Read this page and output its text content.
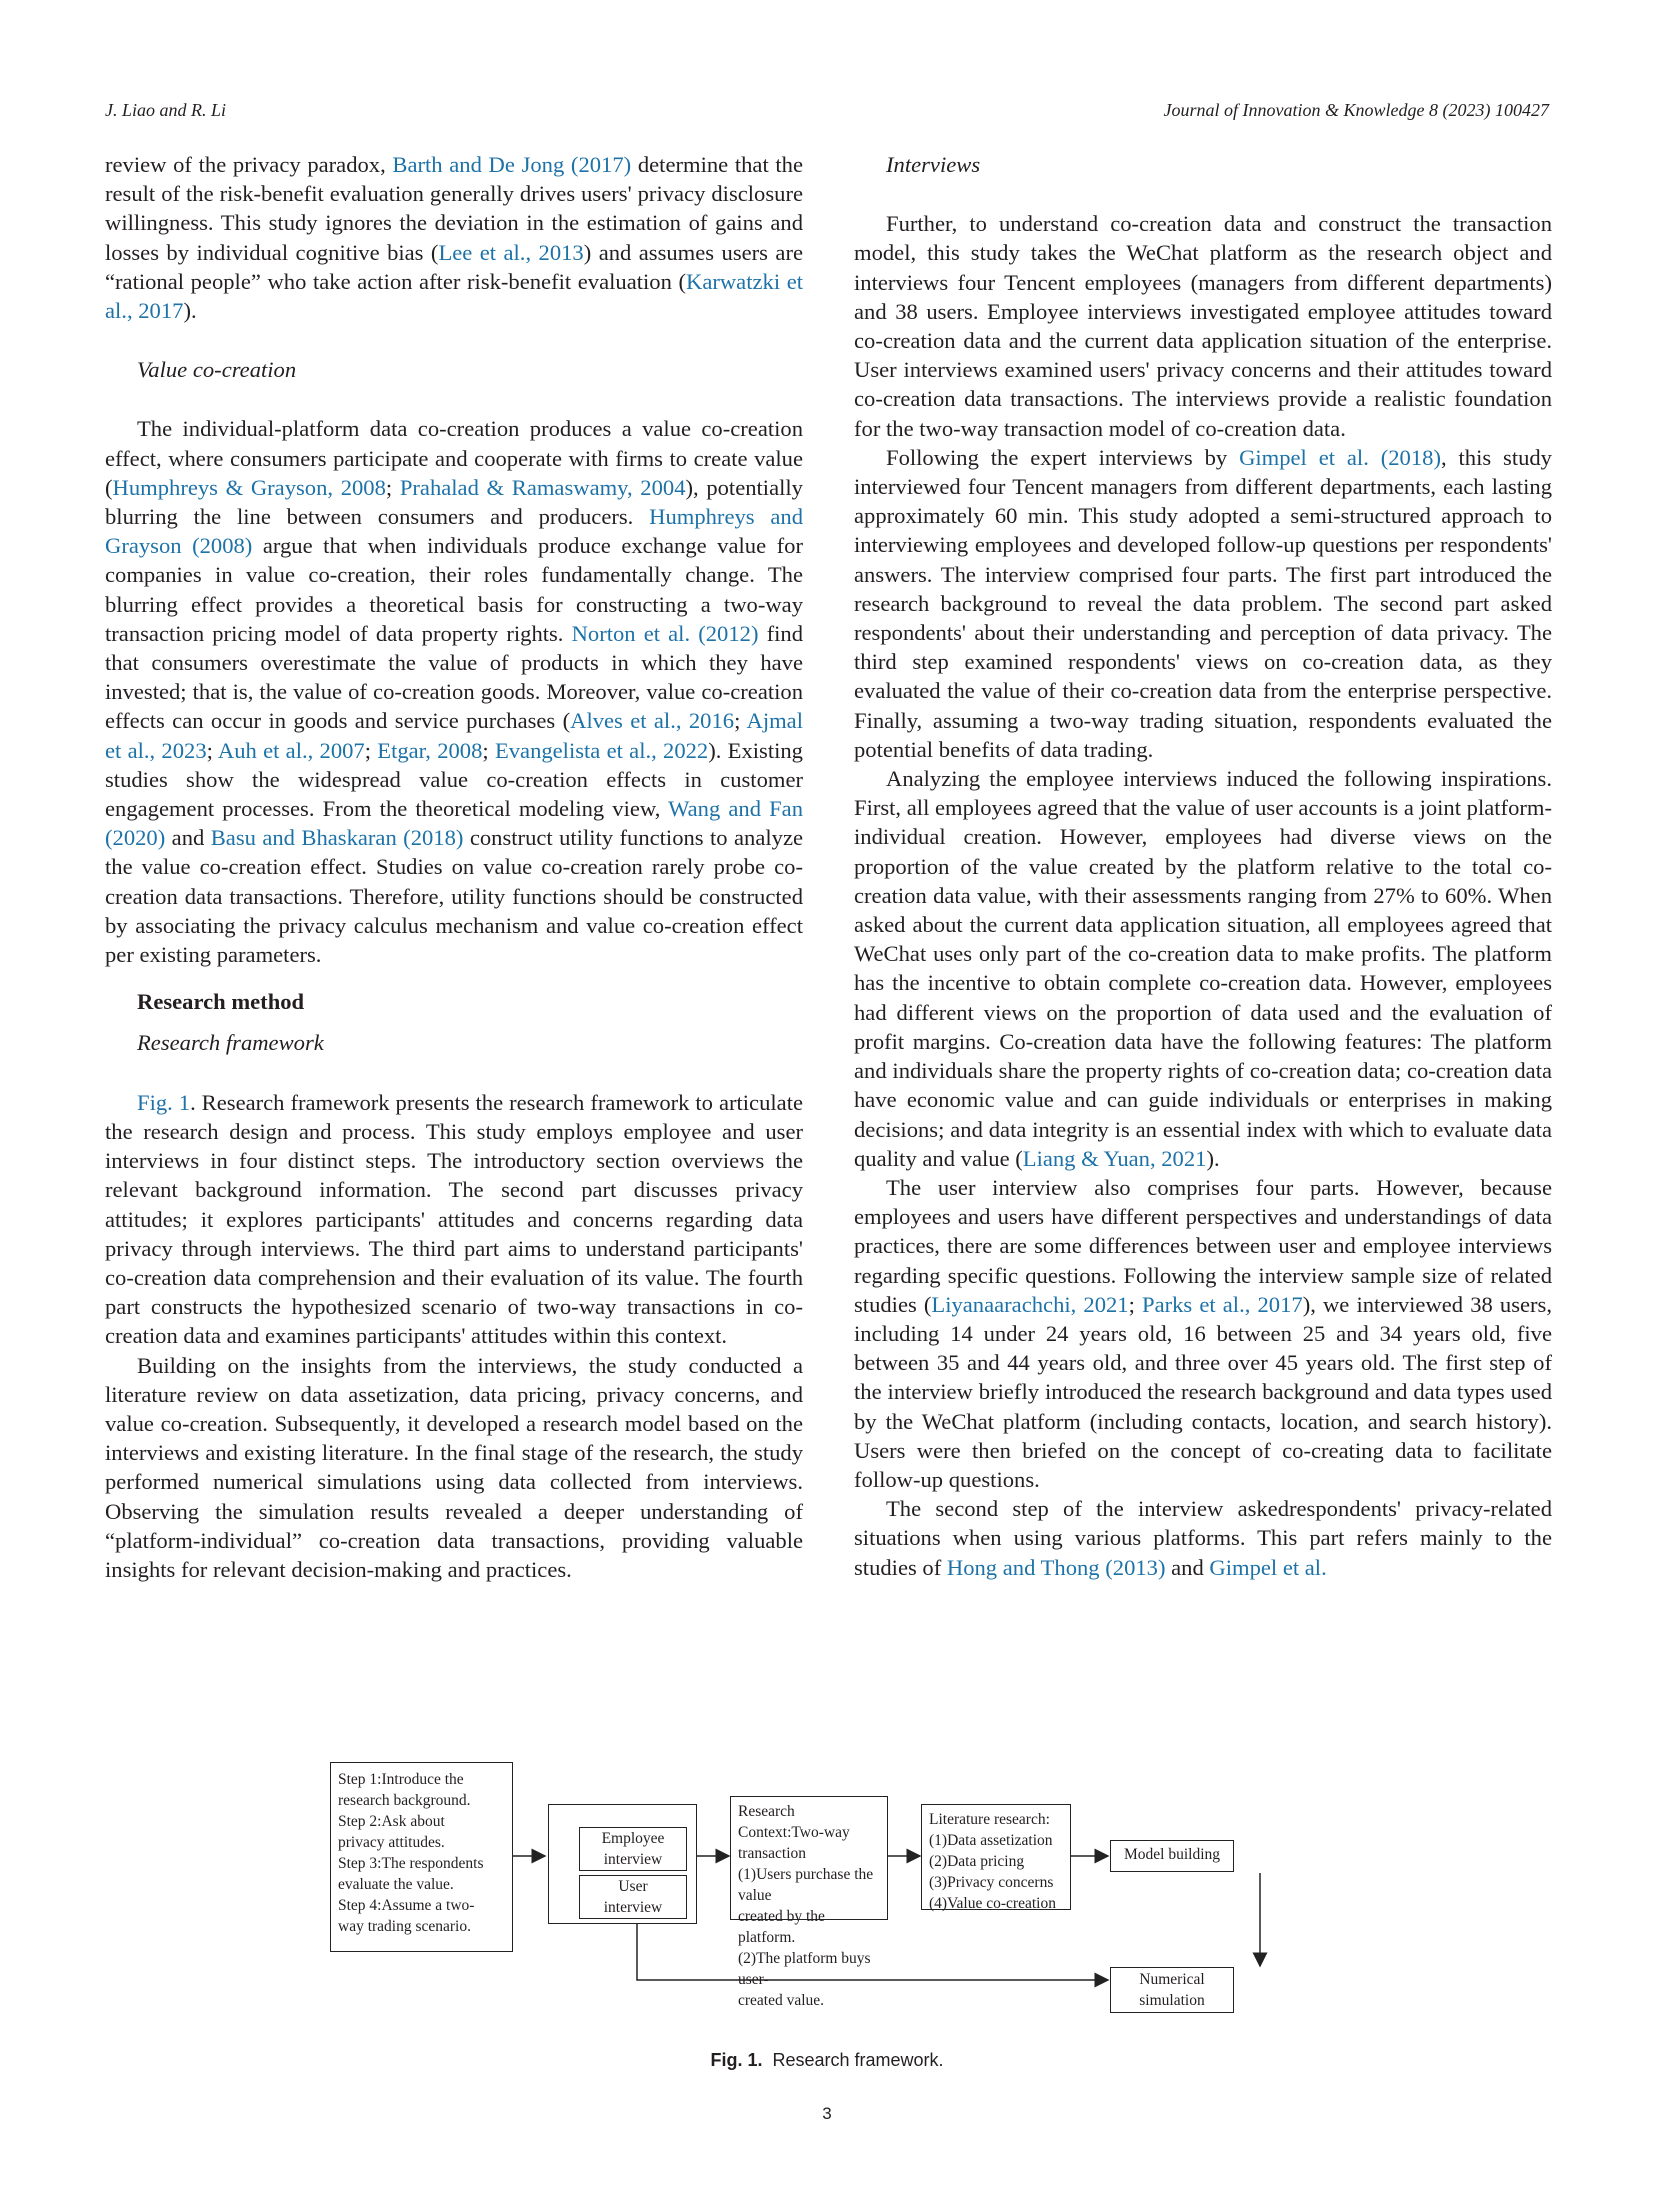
J. Liao and R. Li	Journal of Innovation & Knowledge 8 (2023) 100427

review of the privacy paradox, Barth and De Jong (2017) determine that the result of the risk-benefit evaluation generally drives users' privacy disclosure willingness. This study ignores the deviation in the estimation of gains and losses by individual cognitive bias (Lee et al., 2013) and assumes users are “rational people” who take action after risk-benefit evaluation (Karwatzki et al., 2017).

Value co-creation

The individual-platform data co-creation produces a value co-creation effect, where consumers participate and cooperate with firms to create value (Humphreys & Grayson, 2008; Prahalad & Ramaswamy, 2004), potentially blurring the line between consumers and producers. Humphreys and Grayson (2008) argue that when individuals produce exchange value for companies in value co-creation, their roles fundamentally change. The blurring effect provides a theoretical basis for constructing a two-way transaction pricing model of data property rights. Norton et al. (2012) find that consumers overestimate the value of products in which they have invested; that is, the value of co-creation goods. Moreover, value co-creation effects can occur in goods and service purchases (Alves et al., 2016; Ajmal et al., 2023; Auh et al., 2007; Etgar, 2008; Evangelista et al., 2022). Existing studies show the widespread value co-creation effects in customer engagement processes. From the theoretical modeling view, Wang and Fan (2020) and Basu and Bhaskaran (2018) construct utility functions to analyze the value co-creation effect. Studies on value co-creation rarely probe co-creation data transactions. Therefore, utility functions should be constructed by associating the privacy calculus mechanism and value co-creation effect per existing parameters.

Research method

Research framework

Fig. 1. Research framework presents the research framework to articulate the research design and process. This study employs employee and user interviews in four distinct steps. The introductory section overviews the relevant background information. The second part discusses privacy attitudes; it explores participants' attitudes and concerns regarding data privacy through interviews. The third part aims to understand participants' co-creation data comprehension and their evaluation of its value. The fourth part constructs the hypothesized scenario of two-way transactions in co-creation data and examines participants' attitudes within this context.

Building on the insights from the interviews, the study conducted a literature review on data assetization, data pricing, privacy concerns, and value co-creation. Subsequently, it developed a research model based on the interviews and existing literature. In the final stage of the research, the study performed numerical simulations using data collected from interviews. Observing the simulation results revealed a deeper understanding of “platform-individual” co-creation data transactions, providing valuable insights for relevant decision-making and practices.

Interviews

Further, to understand co-creation data and construct the transaction model, this study takes the WeChat platform as the research object and interviews four Tencent employees (managers from different departments) and 38 users. Employee interviews investigated employee attitudes toward co-creation data and the current data application situation of the enterprise. User interviews examined users' privacy concerns and their attitudes toward co-creation data transactions. The interviews provide a realistic foundation for the two-way transaction model of co-creation data.

Following the expert interviews by Gimpel et al. (2018), this study interviewed four Tencent managers from different departments, each lasting approximately 60 min. This study adopted a semi-structured approach to interviewing employees and developed follow-up questions per respondents' answers. The interview comprised four parts. The first part introduced the research background to reveal the data problem. The second part asked respondents' about their understanding and perception of data privacy. The third step examined respondents' views on co-creation data, as they evaluated the value of their co-creation data from the enterprise perspective. Finally, assuming a two-way trading situation, respondents evaluated the potential benefits of data trading.

Analyzing the employee interviews induced the following inspirations. First, all employees agreed that the value of user accounts is a joint platform-individual creation. However, employees had diverse views on the proportion of the value created by the platform relative to the total co-creation data value, with their assessments ranging from 27% to 60%. When asked about the current data application situation, all employees agreed that WeChat uses only part of the co-creation data to make profits. The platform has the incentive to obtain complete co-creation data. However, employees had different views on the proportion of data used and the evaluation of profit margins. Co-creation data have the following features: The platform and individuals share the property rights of co-creation data; co-creation data have economic value and can guide individuals or enterprises in making decisions; and data integrity is an essential index with which to evaluate data quality and value (Liang & Yuan, 2021).

The user interview also comprises four parts. However, because employees and users have different perspectives and understandings of data practices, there are some differences between user and employee interviews regarding specific questions. Following the interview sample size of related studies (Liyanaarachchi, 2021; Parks et al., 2017), we interviewed 38 users, including 14 under 24 years old, 16 between 25 and 34 years old, five between 35 and 44 years old, and three over 45 years old. The first step of the interview briefly introduced the research background and data types used by the WeChat platform (including contacts, location, and search history). Users were then briefed on the concept of co-creating data to facilitate follow-up questions.

The second step of the interview askedrespondents' privacy-related situations when using various platforms. This part refers mainly to the studies of Hong and Thong (2013) and Gimpel et al.

Step 1:Introduce the
research background.
Step 2:Ask about
privacy attitudes.
Step 3:The respondents
evaluate the value.
Step 4:Assume a two-
way trading scenario.
Employee
interview
User
interview
Research Context:Two-way
transaction
(1)Users purchase the value
created by the platform.
(2)The platform buys user-
created value.
Literature research:
(1)Data assetization
(2)Data pricing
(3)Privacy concerns
(4)Value co-creation
Model building
Numerical
simulation
Fig. 1. Research framework.
3
